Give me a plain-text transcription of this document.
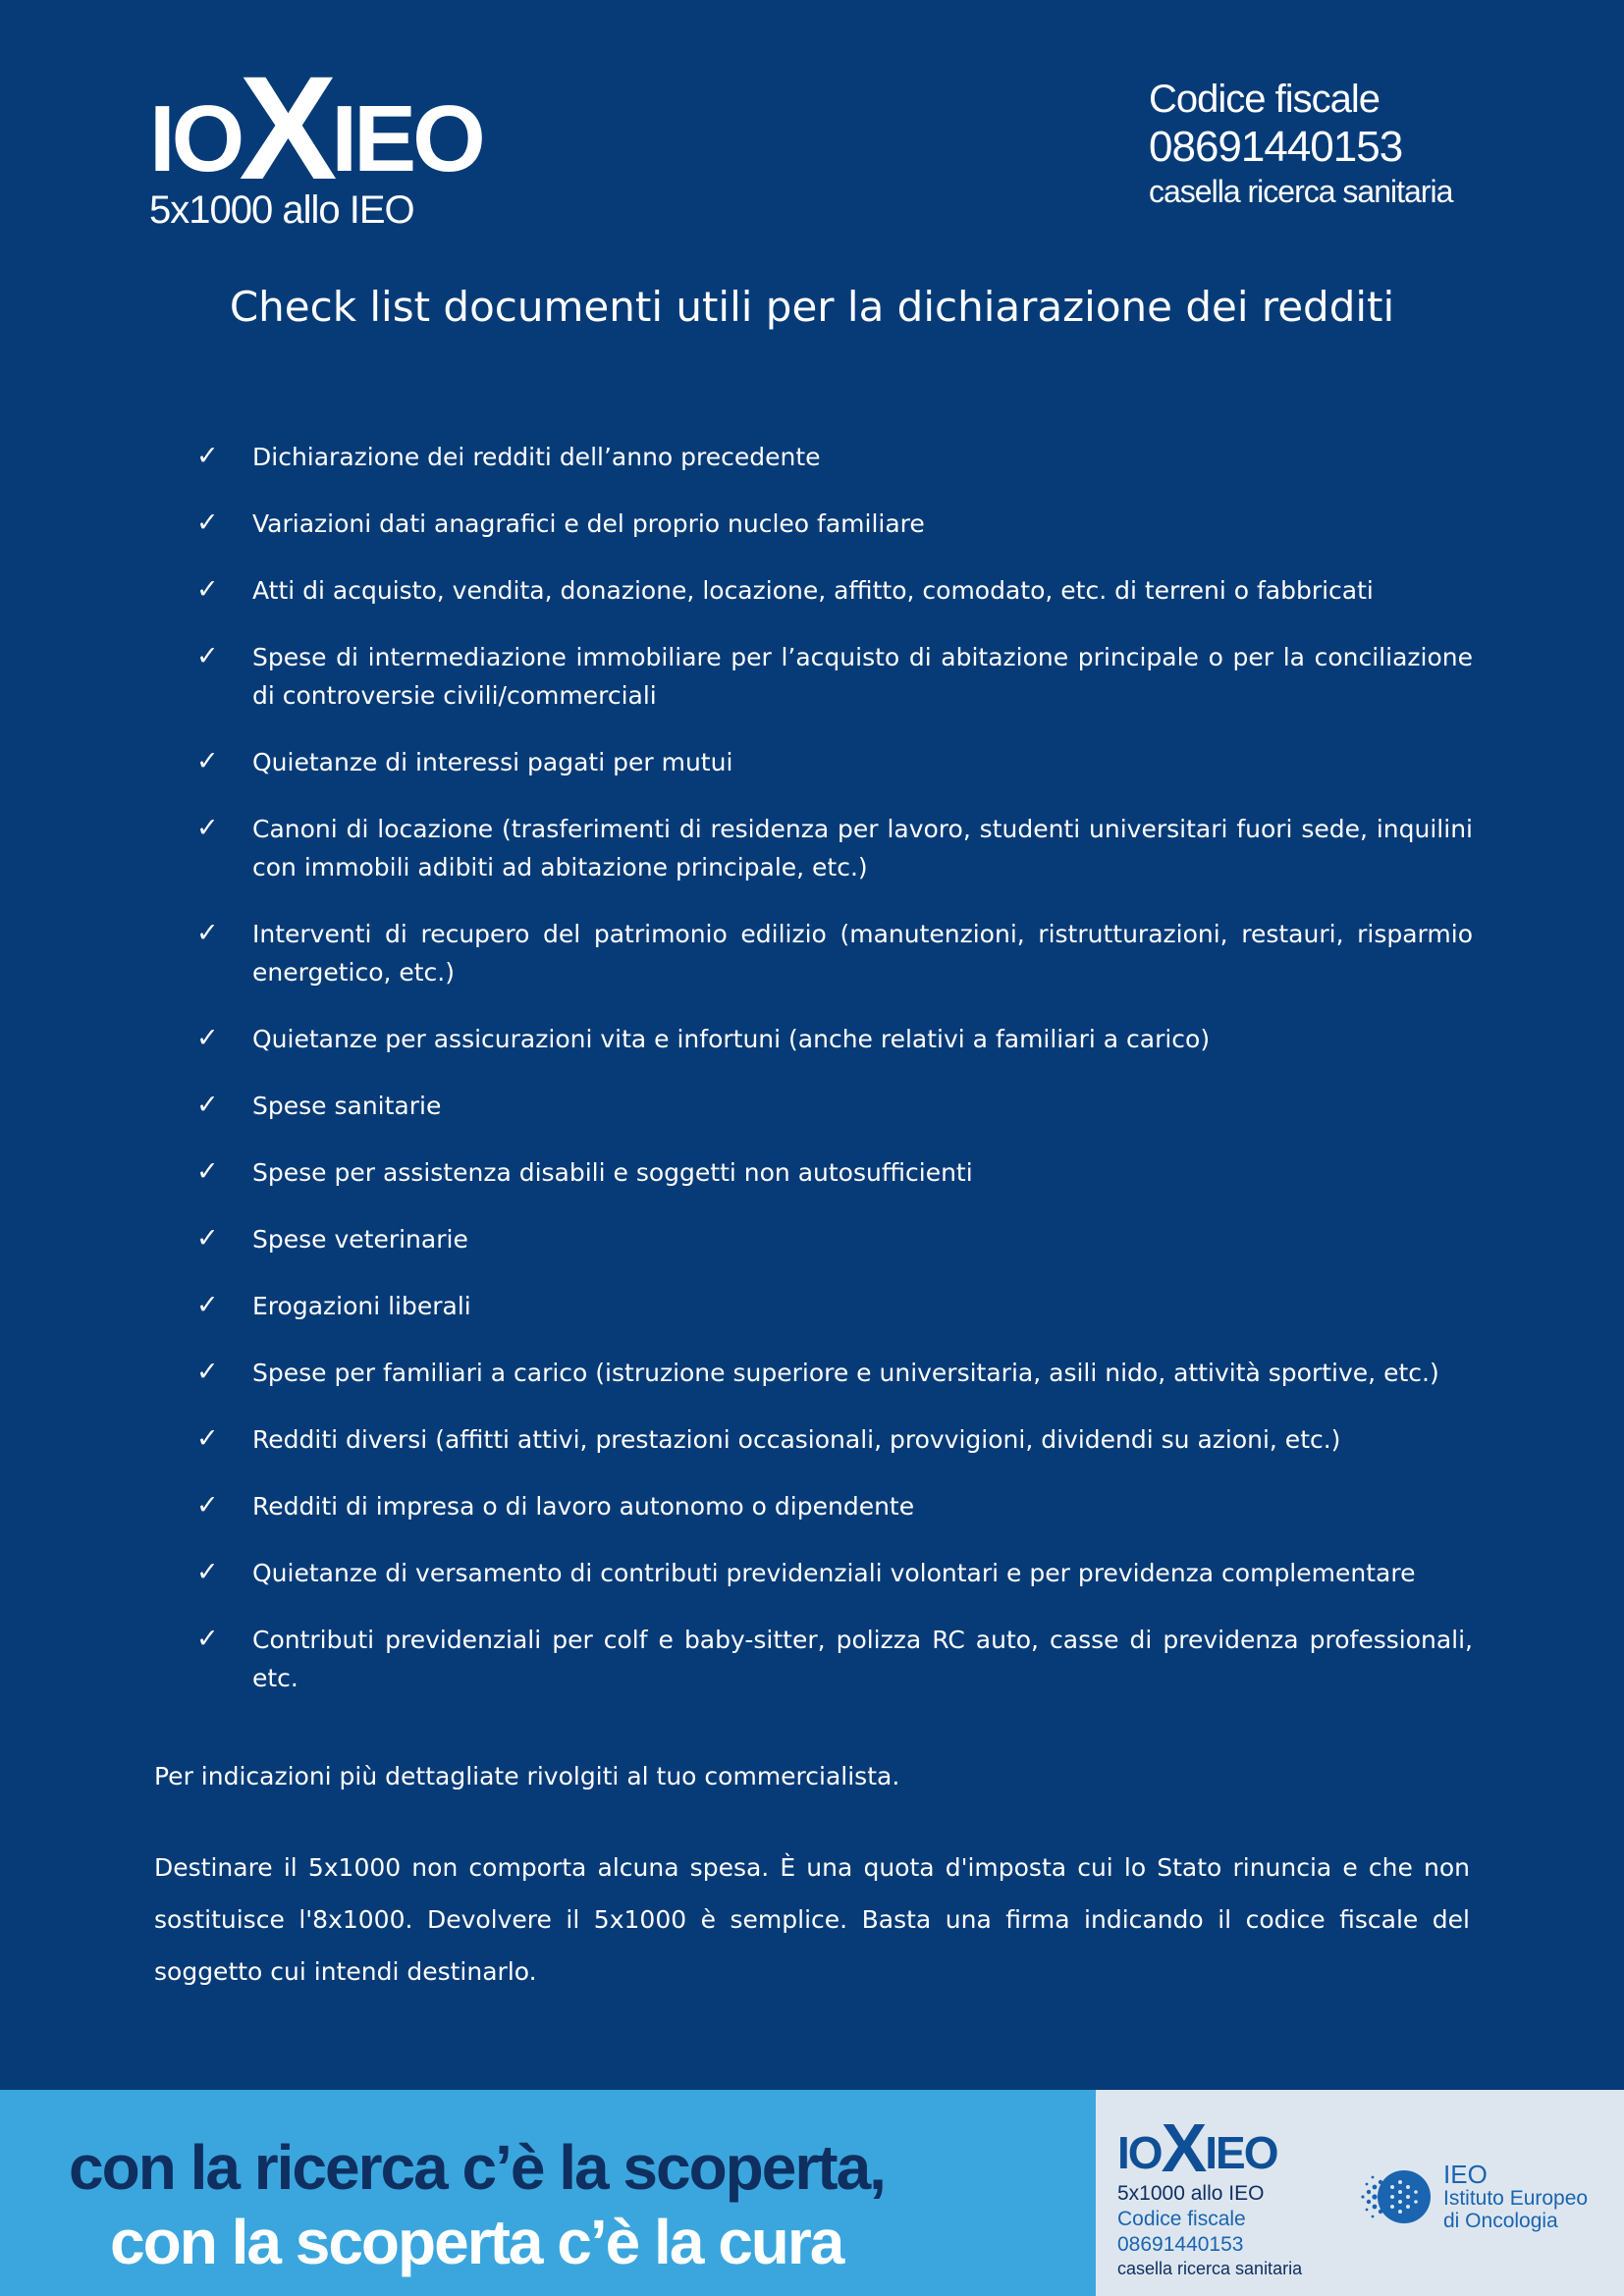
IO
X
IEO
5x1000 allo IEO
Codice fiscale
08691440153
casella ricerca sanitaria
Check list documenti utili per la dichiarazione dei redditi
✓	Dichiarazione dei redditi dell’anno precedente
✓	Variazioni dati anagrafici e del proprio nucleo familiare
✓	Atti di acquisto, vendita, donazione, locazione, affitto, comodato, etc. di terreni o fabbricati
✓	Spese di intermediazione immobiliare per l’acquisto di abitazione principale o per la conciliazione di controversie civili/commerciali
✓	Quietanze di interessi pagati per mutui
✓	Canoni di locazione (trasferimenti di residenza per lavoro, studenti universitari fuori sede, inquilini con immobili adibiti ad abitazione principale, etc.)
✓	Interventi di recupero del patrimonio edilizio (manutenzioni, ristrutturazioni, restauri, risparmio energetico, etc.)
✓	Quietanze per assicurazioni vita e infortuni (anche relativi a familiari a carico)
✓	Spese sanitarie
✓	Spese per assistenza disabili e soggetti non autosufficienti
✓	Spese veterinarie
✓	Erogazioni liberali
✓	Spese per familiari a carico (istruzione superiore e universitaria, asili nido, attività sportive, etc.)
✓	Redditi diversi (affitti attivi, prestazioni occasionali, provvigioni, dividendi su azioni, etc.)
✓	Redditi di impresa o di lavoro autonomo o dipendente
✓	Quietanze di versamento di contributi previdenziali volontari e per previdenza complementare
✓	Contributi previdenziali per colf e baby-sitter, polizza RC auto, casse di previdenza professionali, etc.

Per indicazioni più dettagliate rivolgiti al tuo commercialista.

Destinare il 5x1000 non comporta alcuna spesa. È una quota d'imposta cui lo Stato rinuncia e che non sostituisce l'8x1000. Devolvere il 5x1000 è semplice. Basta una firma indicando il codice fiscale del soggetto cui intendi destinarlo.

con la ricerca c’è la scoperta,
con la scoperta c’è la cura
IO X IEO
5x1000 allo IEO
Codice fiscale
08691440153
casella ricerca sanitaria
IEO
Istituto Europeo
di Oncologia
